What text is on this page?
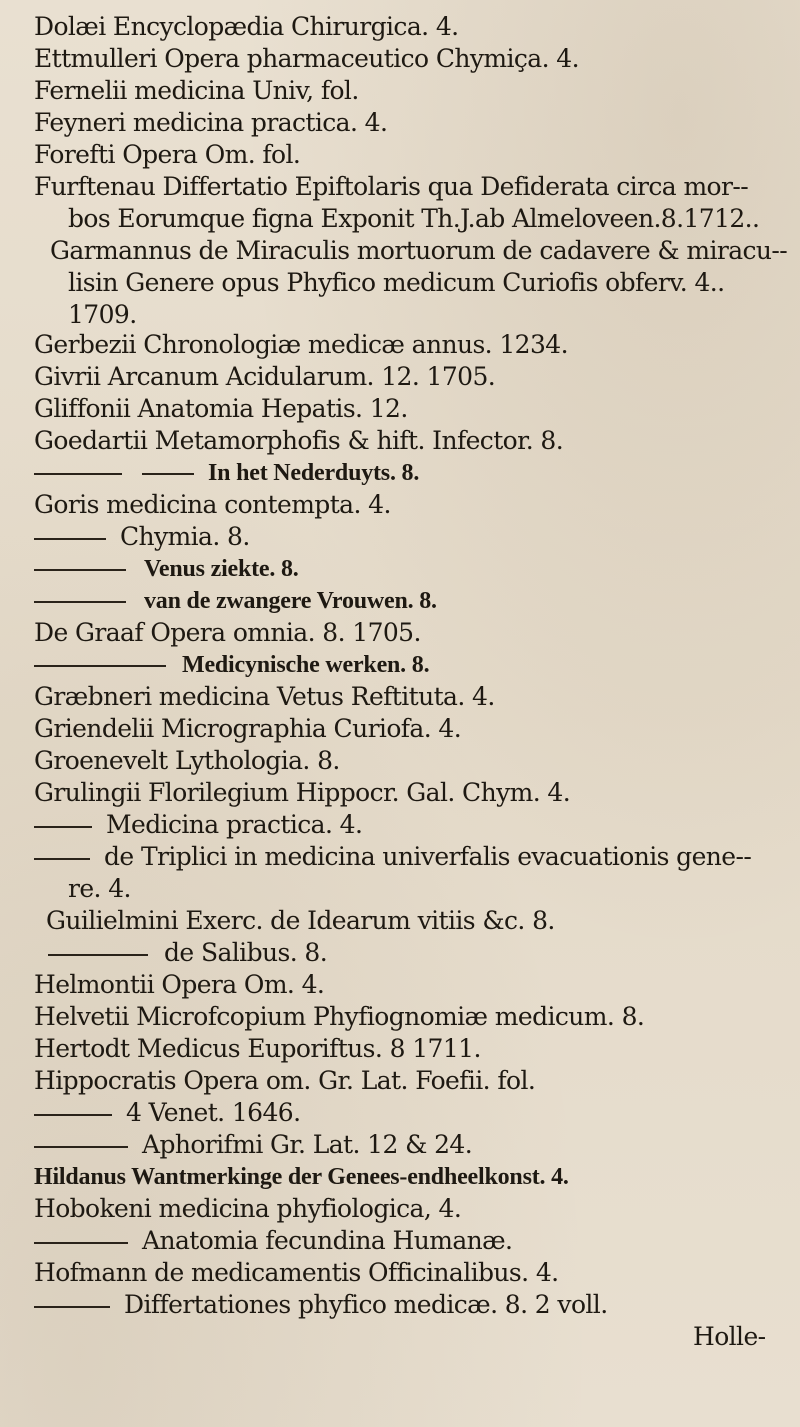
Dolæi Encyclopædia Chirurgica. 4.
Ettmulleri Opera pharmaceutico Chymiça. 4.
Fernelii medicina Univ, fol.
Feyneri medicina practica. 4.
Forefti Opera Om. fol.
Furftenau Differtatio Epiftolaris qua Defiderata circa mor--
bos Eorumque figna Exponit Th.J.ab Almeloveen.8.1712..
Garmannus de Miraculis mortuorum de cadavere & miracu--
lisin Genere opus Phyfico medicum Curiofis obferv. 4..
1709.
Gerbezii Chronologiæ medicæ annus. 1234.
Givrii Arcanum Acidularum. 12. 1705.
Gliffonii Anatomia Hepatis. 12.
Goedartii Metamorphofis & hift. Infector. 8.
In het Nederduyts. 8.
Goris medicina contempta. 4.
Chymia. 8.
Venus ziekte. 8.
van de zwangere Vrouwen. 8.
De Graaf Opera omnia. 8. 1705.
Medicynische werken. 8.
Græbneri medicina Vetus Reftituta. 4.
Griendelii Micrographia Curiofa. 4.
Groenevelt Lythologia. 8.
Grulingii Florilegium Hippocr. Gal. Chym. 4.
Medicina practica. 4.
de Triplici in medicina univerfalis evacuationis gene--
re. 4.
Guilielmini Exerc. de Idearum vitiis &c. 8.
de Salibus. 8.
Helmontii Opera Om. 4.
Helvetii Microfcopium Phyfiognomiæ medicum. 8.
Hertodt Medicus Euporiftus. 8 1711.
Hippocratis Opera om. Gr. Lat. Foefii. fol.
4 Venet. 1646.
Aphorifmi Gr. Lat. 12 & 24.
Hildanus Wantmerkinge der Genees-endheelkonst. 4.
Hobokeni medicina phyfiologica, 4.
Anatomia fecundina Humanæ.
Hofmann de medicamentis Officinalibus. 4.
Differtationes phyfico medicæ. 8. 2 voll.
Holle-
